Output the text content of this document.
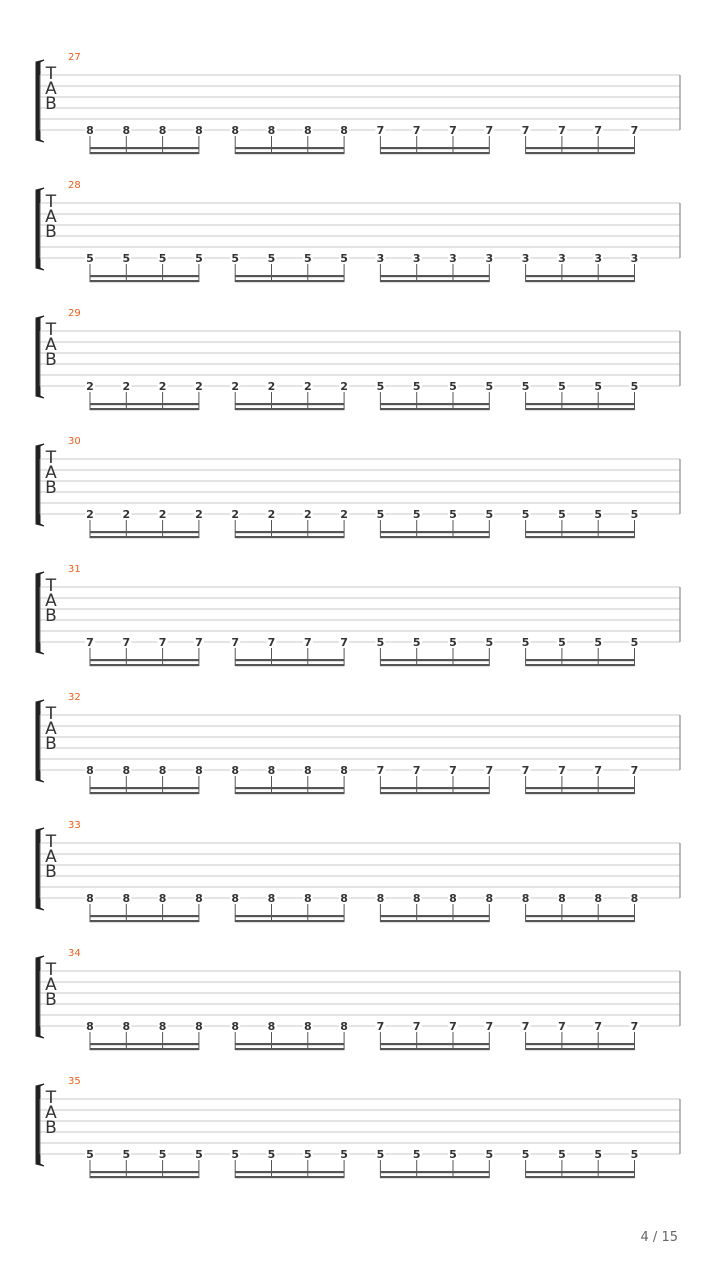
27
8	8	8	8	8	8	8	8	7	7	7	7	7	7	7	7
T
A
B
28
5	5	5	5	5	5	5	5	3	3	3	3	3	3	3	3
T
A
B
29
2	2	2	2	2	2	2	2	5	5	5	5	5	5	5	5
T
A
B
30
2	2	2	2	2	2	2	2	5	5	5	5	5	5	5	5
T
A
B
31
7	7	7	7	7	7	7	7	5	5	5	5	5	5	5	5
T
A
B
32
8	8	8	8	8	8	8	8	7	7	7	7	7	7	7	7
T
A
B
33
8	8	8	8	8	8	8	8	8	8	8	8	8	8	8	8
T
A
B
34
8	8	8	8	8	8	8	8	7	7	7	7	7	7	7	7
T
A
B
35
5	5	5	5	5	5	5	5	5	5	5	5	5	5	5	5
T
A
B
4 / 15
